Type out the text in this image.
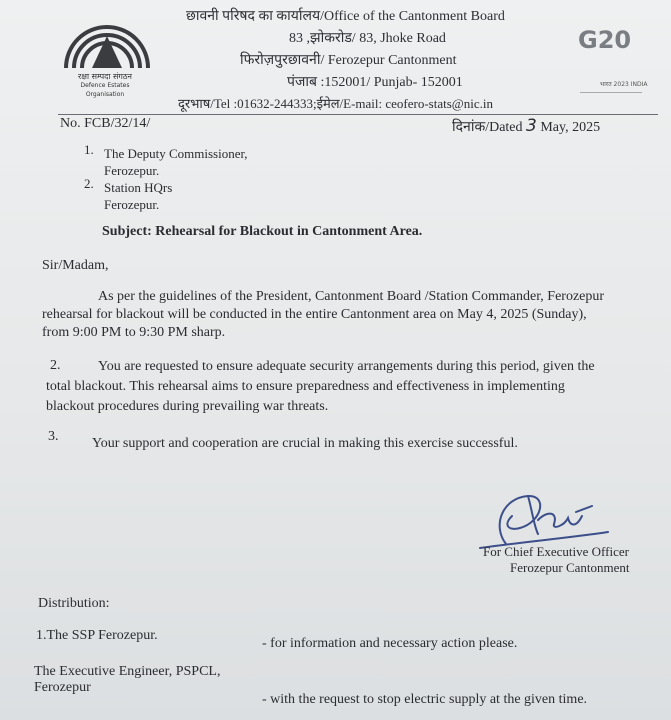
रक्षा सम्पदा संगठन
Defence Estates Organisation
छावनी परिषद का कार्यालय/Office of the Cantonment Board
83 ,झोकरोड/ 83, Jhoke Road
फिरोज़पुरछावनी/ Ferozepur Cantonment
पंजाब :152001/ Punjab- 152001
दूरभाष/Tel :01632-244333;ईमेल/E-mail: ceofero-stats@nic.in
G20
भारत 2023 INDIA
No. FCB/32/14/	दिनांक/Dated 3 May, 2025
1. The Deputy Commissioner,
Ferozepur.
2. Station HQrs
Ferozepur.
Subject: Rehearsal for Blackout in Cantonment Area.
Sir/Madam,
As per the guidelines of the President, Cantonment Board /Station Commander, Ferozepur
rehearsal for blackout will be conducted in the entire Cantonment area on May 4, 2025 (Sunday),
from 9:00 PM to 9:30 PM sharp.
2.	You are requested to ensure adequate security arrangements during this period, given the
total blackout. This rehearsal aims to ensure preparedness and effectiveness in implementing
blackout procedures during prevailing war threats.
3. Your support and cooperation are crucial in making this exercise successful.
For Chief Executive Officer
Ferozepur Cantonment
Distribution:
1.The SSP Ferozepur.
- for information and necessary action please.
The Executive Engineer, PSPCL,
Ferozepur
- with the request to stop electric supply at the given time.
